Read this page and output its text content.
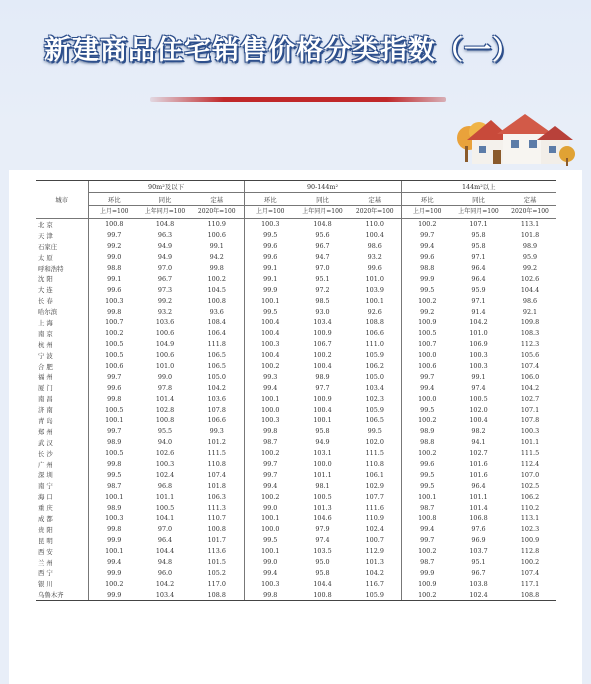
新建商品住宅销售价格分类指数（一）
城市	90m²及以下			90-144m²			144m²以上		
	环比	同比	定基	环比	同比	定基	环比	同比	定基
	上月=100	上年同月=100	2020年=100	上月=100	上年同月=100	2020年=100	上月=100	上年同月=100	2020年=100
北 京	100.8	104.8	110.9	100.3	104.8	110.0	100.2	107.1	113.1
天 津	99.7	96.3	100.6	99.5	95.6	100.4	99.7	95.8	101.8
石家庄	99.2	94.9	99.1	99.6	96.7	98.6	99.4	95.8	98.9
太 原	99.0	94.9	94.2	99.6	94.7	93.2	99.6	97.1	95.9
呼和浩特	98.8	97.0	99.8	99.1	97.0	99.6	98.8	96.4	99.2
沈 阳	99.1	96.7	100.2	99.1	95.1	101.0	99.9	96.4	102.6
大 连	99.6	97.3	104.5	99.9	97.2	103.9	99.5	95.9	104.4
长 春	100.3	99.2	100.8	100.1	98.5	100.1	100.2	97.1	98.6
哈尔滨	99.8	93.2	93.6	99.5	93.0	92.6	99.2	91.4	92.1
上 海	100.7	103.6	108.4	100.4	103.4	108.8	100.9	104.2	109.8
南 京	100.2	100.6	106.4	100.4	100.9	106.6	100.5	101.0	108.3
杭 州	100.5	104.9	111.8	100.3	106.7	111.0	100.7	106.9	112.3
宁 波	100.5	100.6	106.5	100.4	100.2	105.9	100.0	100.3	105.6
合 肥	100.6	101.0	106.5	100.2	100.4	106.2	100.6	100.3	107.4
福 州	99.7	99.0	105.0	99.3	98.9	105.0	99.7	99.1	106.0
厦 门	99.6	97.8	104.2	99.4	97.7	103.4	99.4	97.4	104.2
南 昌	99.8	101.4	103.6	100.1	100.9	102.3	100.0	100.5	102.7
济 南	100.5	102.8	107.8	100.0	100.4	105.9	99.5	102.0	107.1
青 岛	100.1	100.8	106.6	100.3	100.1	106.5	100.2	100.4	107.8
郑 州	99.7	95.5	99.3	99.8	95.8	99.5	98.9	98.2	100.3
武 汉	98.9	94.0	101.2	98.7	94.9	102.0	98.8	94.1	101.1
长 沙	100.5	102.6	111.5	100.2	103.1	111.5	100.2	102.7	111.5
广 州	99.8	100.3	110.8	99.7	100.0	110.8	99.6	101.6	112.4
深 圳	99.5	102.4	107.4	99.7	101.1	106.1	99.5	101.6	107.0
南 宁	98.7	96.8	101.8	99.4	98.1	102.9	99.5	96.4	102.5
海 口	100.1	101.1	106.3	100.2	100.5	107.7	100.1	101.1	106.2
重 庆	98.9	100.5	111.3	99.0	101.3	111.6	98.7	101.4	110.2
成 都	100.3	104.1	110.7	100.1	104.6	110.9	100.8	106.8	113.1
贵 阳	99.8	97.0	100.8	100.0	97.9	102.4	99.4	97.6	102.3
昆 明	99.9	96.4	101.7	99.5	97.4	100.7	99.7	96.9	100.9
西 安	100.1	104.4	113.6	100.1	103.5	112.9	100.2	103.7	112.8
兰 州	99.4	94.8	101.5	99.0	95.0	101.3	98.7	95.1	100.2
西 宁	99.9	96.0	105.2	99.4	95.8	104.2	99.9	96.7	107.4
银 川	100.2	104.2	117.0	100.3	104.4	116.7	100.9	103.8	117.1
乌鲁木齐	99.9	103.4	108.8	99.8	100.8	105.9	100.2	102.4	108.8
